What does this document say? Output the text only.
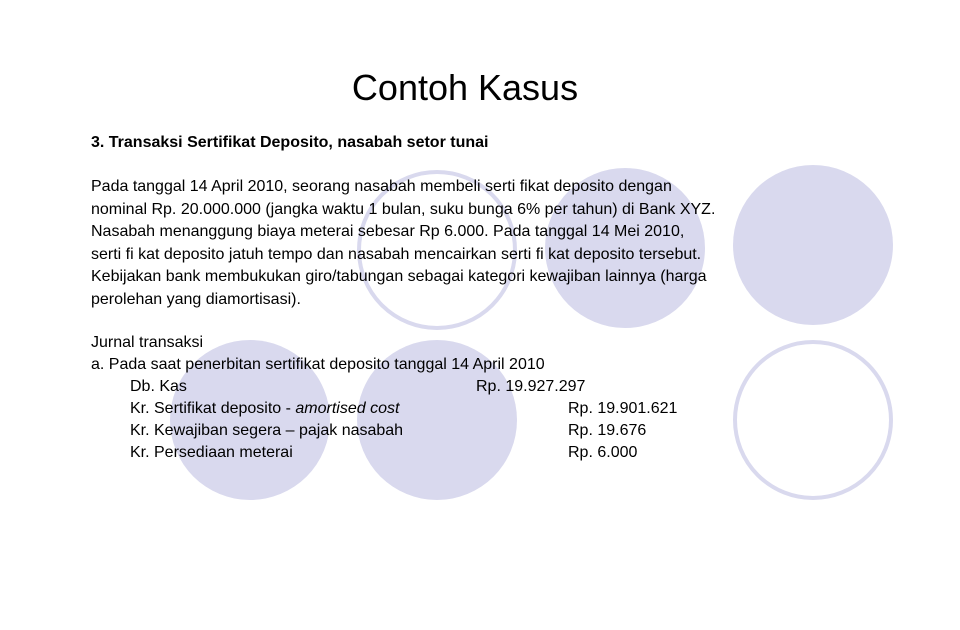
Contoh Kasus
3. Transaksi Sertifikat Deposito, nasabah setor tunai
Pada tanggal 14 April 2010, seorang nasabah membeli serti fikat deposito dengan
nominal Rp. 20.000.000 (jangka waktu 1 bulan, suku bunga 6% per tahun) di Bank XYZ.
Nasabah menanggung biaya meterai sebesar Rp 6.000. Pada tanggal 14 Mei 2010,
serti fi kat deposito jatuh tempo dan nasabah mencairkan serti fi kat deposito tersebut.
Kebijakan bank membukukan giro/tabungan sebagai kategori kewajiban lainnya (harga
perolehan yang diamortisasi).
Jurnal transaksi
a. Pada saat penerbitan sertifikat deposito tanggal 14 April 2010
Db. Kas	Rp. 19.927.297
Kr. Sertifikat deposito - amortised cost	Rp. 19.901.621
Kr. Kewajiban segera – pajak nasabah	Rp. 19.676
Kr. Persediaan meterai	Rp. 6.000
